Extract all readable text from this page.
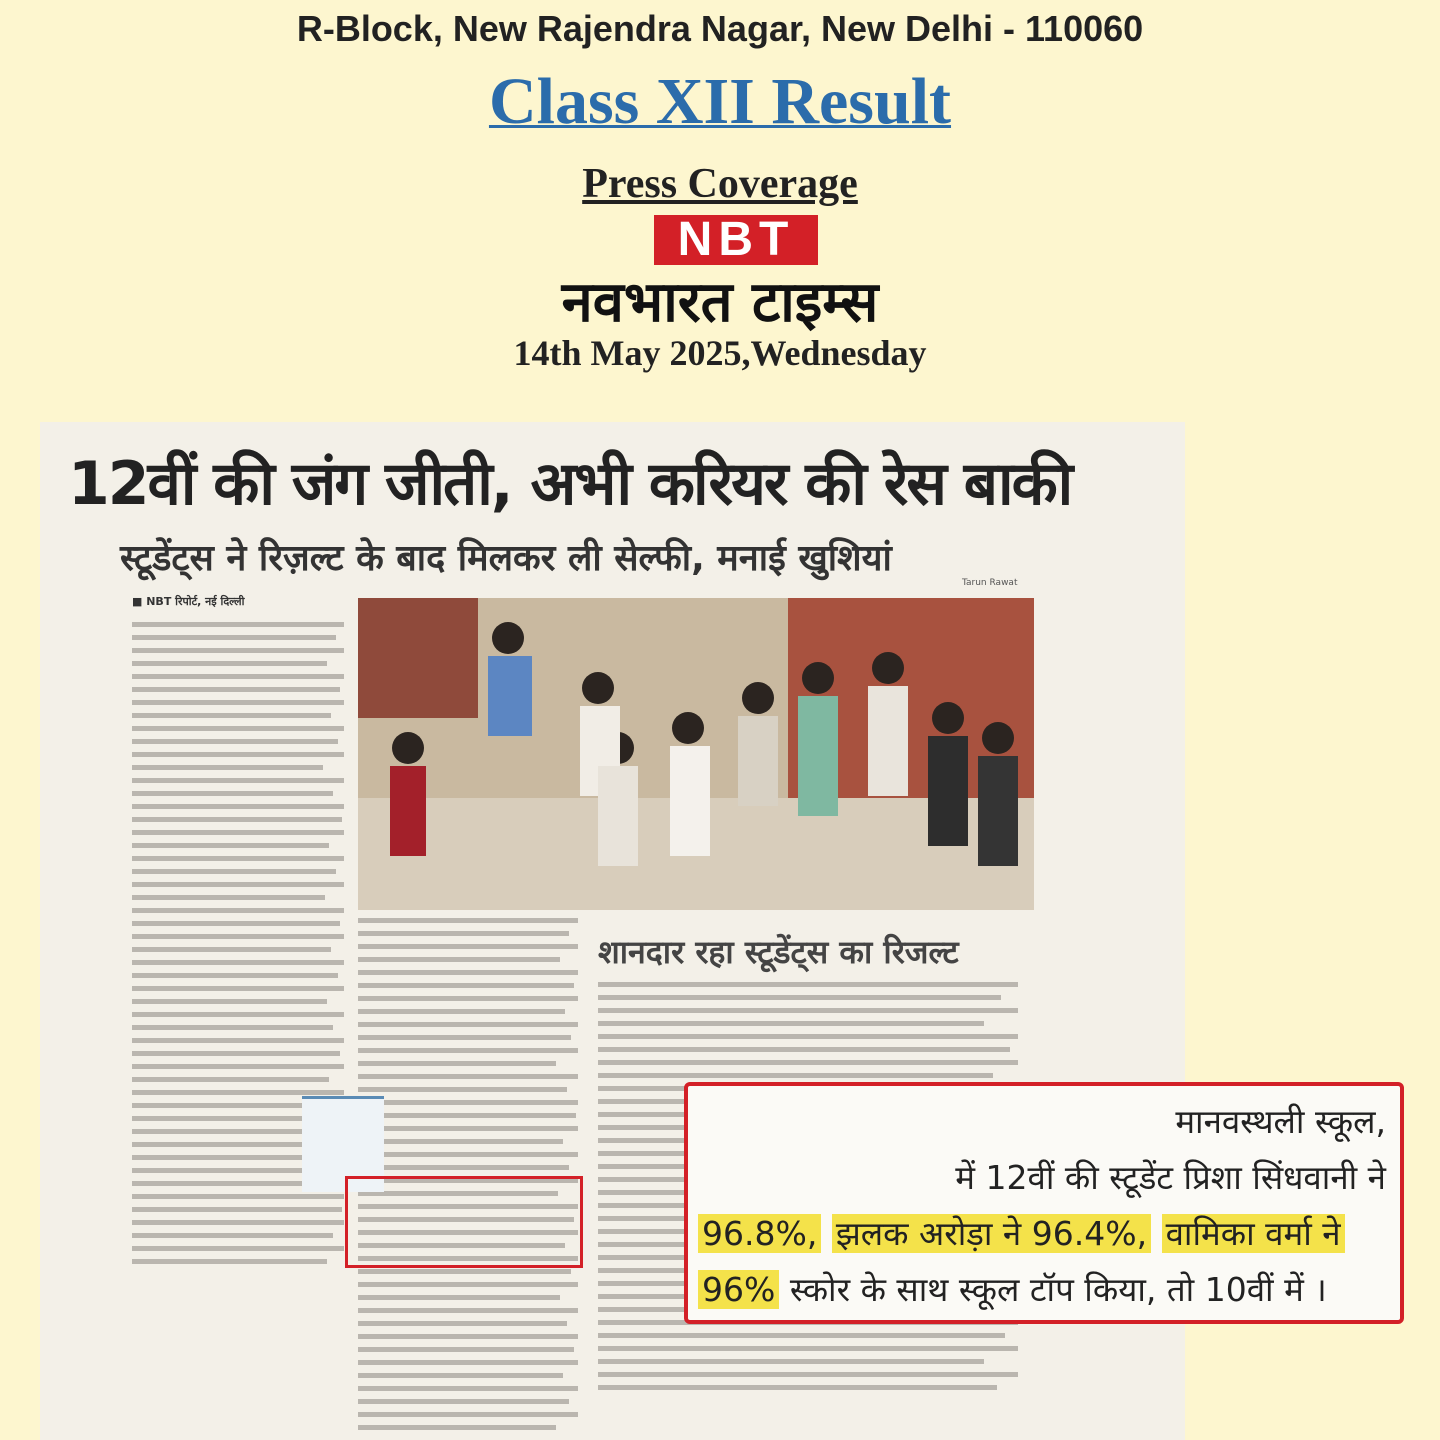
R-Block, New Rajendra Nagar, New Delhi - 110060
Class XII Result
Press Coverage
NBT
नवभारत टाइम्स
14th May 2025,Wednesday
12वीं की जंग जीती, अभी करियर की रेस बाकी
स्टूडेंट्स ने रिज़ल्ट के बाद मिलकर ली सेल्फी, मनाई खुशियां
Tarun Rawat
■ NBT रिपोर्ट, नई दिल्ली
शानदार रहा स्टूडेंट्स का रिजल्ट
मानवस्थली स्कूल,
में 12वीं की स्टूडेंट प्रिशा सिंधवानी ने
96.8%, झलक अरोड़ा ने 96.4%, वामिका वर्मा ने
96% स्कोर के साथ स्कूल टॉप किया, तो 10वीं में ।
